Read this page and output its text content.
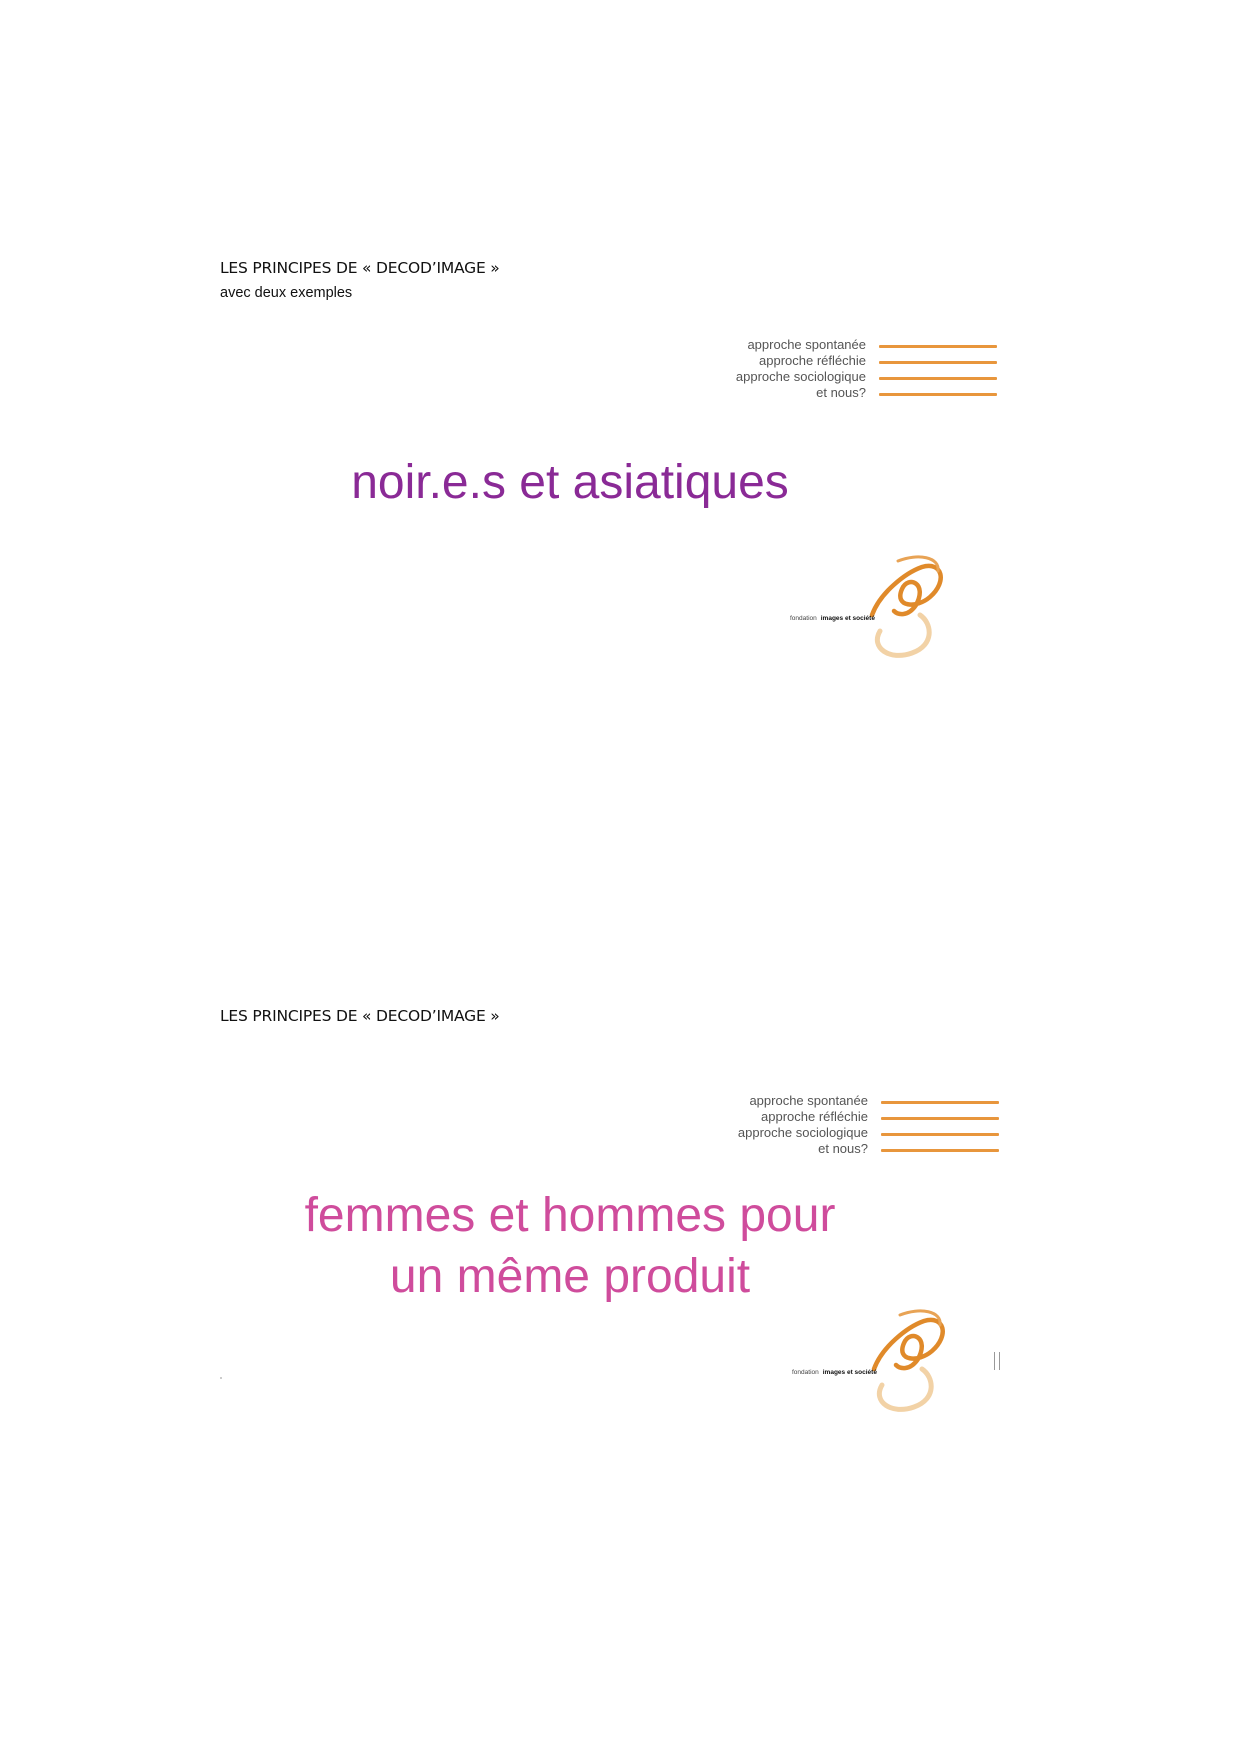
LES PRINCIPES DE « DECOD’IMAGE »
avec deux exemples
approche spontanée
approche réfléchie
approche sociologique
et nous?
noir.e.s et asiatiques
fondation images et société
LES PRINCIPES DE « DECOD’IMAGE »
approche spontanée
approche réfléchie
approche sociologique
et nous?
femmes et hommes pour
un même produit
fondation images et société
